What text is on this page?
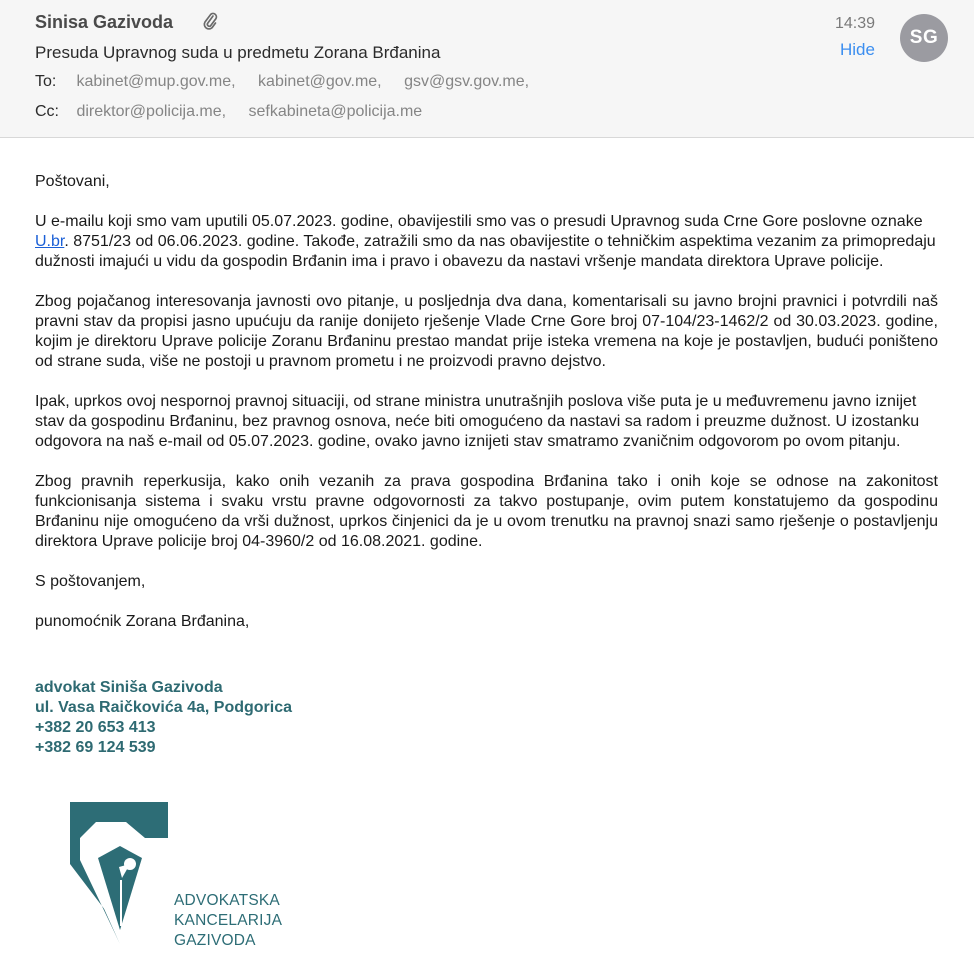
Sinisa Gazivoda	14:39
Hide
SG
Presuda Upravnog suda u predmetu Zorana Brđanina
To: kabinet@mup.gov.me, kabinet@gov.me, gsv@gsv.gov.me,
Cc: direktor@policija.me, sefkabineta@policija.me

Poštovani,

U e-mailu koji smo vam uputili 05.07.2023. godine, obavijestili smo vas o presudi Upravnog suda Crne Gore poslovne oznake U.br. 8751/23 od 06.06.2023. godine. Takođe, zatražili smo da nas obavijestite o tehničkim aspektima vezanim za primopredaju dužnosti imajući u vidu da gospodin Brđanin ima i pravo i obavezu da nastavi vršenje mandata direktora Uprave policije.

Zbog pojačanog interesovanja javnosti ovo pitanje, u posljednja dva dana, komentarisali su javno brojni pravnici i potvrdili naš pravni stav da propisi jasno upućuju da ranije donijeto rješenje Vlade Crne Gore broj 07-104/23-1462/2 od 30.03.2023. godine, kojim je direktoru Uprave policije Zoranu Brđaninu prestao mandat prije isteka vremena na koje je postavljen, budući poništeno od strane suda, više ne postoji u pravnom prometu i ne proizvodi pravno dejstvo.

Ipak, uprkos ovoj nespornoj pravnoj situaciji, od strane ministra unutrašnjih poslova više puta je u međuvremenu javno iznijet stav da gospodinu Brđaninu, bez pravnog osnova, neće biti omogućeno da nastavi sa radom i preuzme dužnost. U izostanku odgovora na naš e-mail od 05.07.2023. godine, ovako javno iznijeti stav smatramo zvaničnim odgovorom po ovom pitanju.

Zbog pravnih reperkusija, kako onih vezanih za prava gospodina Brđanina tako i onih koje se odnose na zakonitost funkcionisanja sistema i svaku vrstu pravne odgovornosti za takvo postupanje, ovim putem konstatujemo da gospodinu Brđaninu nije omogućeno da vrši dužnost, uprkos činjenici da je u ovom trenutku na pravnoj snazi samo rješenje o postavljenju direktora Uprave policije broj 04-3960/2 od 16.08.2021. godine.

S poštovanjem,

punomoćnik Zorana Brđanina,

advokat Siniša Gazivoda
ul. Vasa Raičkovića 4a, Podgorica
+382 20 653 413
+382 69 124 539
ADVOKATSKA
KANCELARIJA
GAZIVODA
